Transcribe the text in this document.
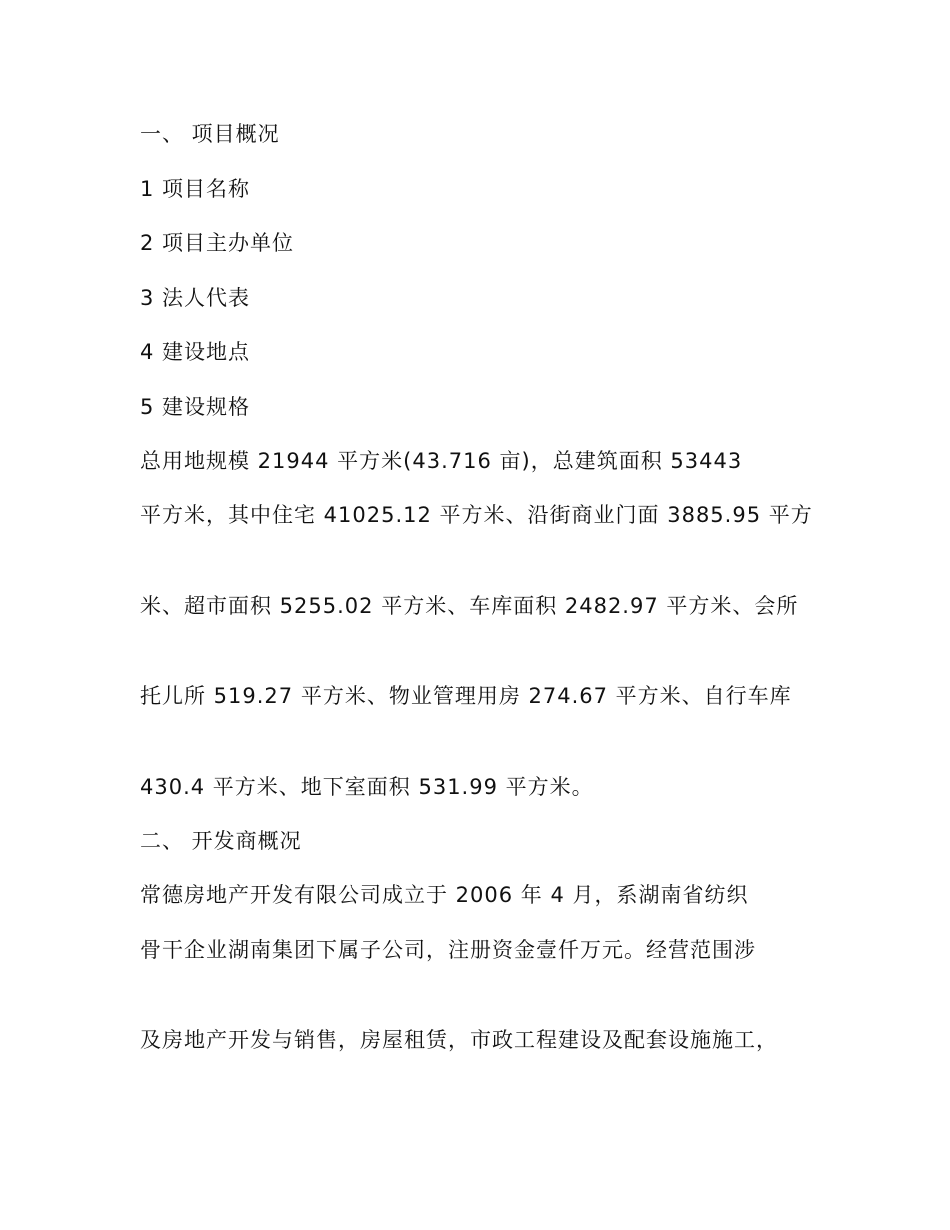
一、 项目概况
1 项目名称
2 项目主办单位
3 法人代表
4 建设地点
5 建设规格
总用地规模 21944 平方米(43.716 亩)，总建筑面积 53443
平方米，其中住宅 41025.12 平方米、沿街商业门面 3885.95 平方
米、超市面积 5255.02 平方米、车库面积 2482.97 平方米、会所
托儿所 519.27 平方米、物业管理用房 274.67 平方米、自行车库
430.4 平方米、地下室面积 531.99 平方米。
二、 开发商概况
常德房地产开发有限公司成立于 2006 年 4 月，系湖南省纺织
骨干企业湖南集团下属子公司，注册资金壹仟万元。经营范围涉
及房地产开发与销售，房屋租赁，市政工程建设及配套设施施工，
